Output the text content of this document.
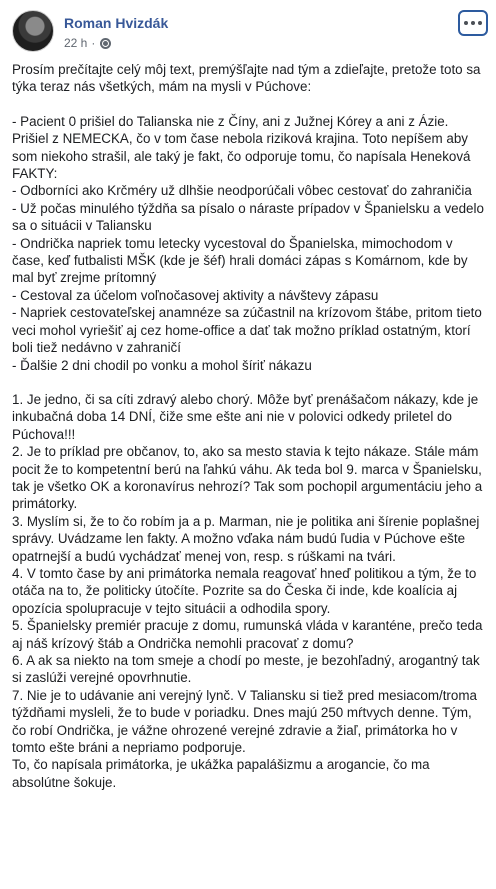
Roman Hvizdák
22 h ·

Prosím prečítajte celý môj text, premýšľajte nad tým a zdieľajte, pretože toto sa týka teraz nás všetkých, mám na mysli v Púchove:

- Pacient 0 prišiel do Talianska nie z Číny, ani z Južnej Kórey a ani z Ázie. Prišiel z NEMECKA, čo v tom čase nebola riziková krajina. Toto nepíšem aby som niekoho strašil, ale taký je fakt, čo odporuje tomu, čo napísala Heneková
FAKTY:
- Odborníci ako Krčméry už dlhšie neodporúčali vôbec cestovať do zahraničia
- Už počas minulého týždňa sa písalo o náraste prípadov v Španielsku a vedelo sa o situácii v Taliansku
- Ondrička napriek tomu letecky vycestoval do Španielska, mimochodom v čase, keď futbalisti MŠK (kde je šéf) hrali domáci zápas s Komárnom, kde by mal byť zrejme prítomný
- Cestoval za účelom voľnočasovej aktivity a návštevy zápasu
- Napriek cestovateľskej anamnéze sa zúčastnil na krízovom štábe, pritom tieto veci mohol vyriešiť aj cez home-office a dať tak možno príklad ostatným, ktorí boli tiež nedávno v zahraničí
- Ďalšie 2 dni chodil po vonku a mohol šíriť nákazu

1. Je jedno, či sa cíti zdravý alebo chorý. Môže byť prenášačom nákazy, kde je inkubačná doba 14 DNÍ, čiže sme ešte ani nie v polovici odkedy priletel do Púchova!!!
2. Je to príklad pre občanov, to, ako sa mesto stavia k tejto nákaze. Stále mám pocit že to kompetentní berú na ľahkú váhu. Ak teda bol 9. marca v Španielsku, tak je všetko OK a koronavírus nehrozí? Tak som pochopil argumentáciu jeho a primátorky.
3. Myslím si, že to čo robím ja a p. Marman, nie je politika ani šírenie poplašnej správy. Uvádzame len fakty. A možno vďaka nám budú ľudia v Púchove ešte opatrnejší a budú vychádzať menej von, resp. s rúškami na tvári.
4. V tomto čase by ani primátorka nemala reagovať hneď politikou a tým, že to otáča na to, že politicky útočíte. Pozrite sa do Česka či inde, kde koalícia aj opozícia spolupracuje v tejto situácii a odhodila spory.
5. Španielsky premiér pracuje z domu, rumunská vláda v karanténe, prečo teda aj náš krízový štáb a Ondrička nemohli pracovať z domu?
6. A ak sa niekto na tom smeje a chodí po meste, je bezohľadný, arogantný tak si zaslúži verejné opovrhnutie.
7. Nie je to udávanie ani verejný lynč. V Taliansku si tiež pred mesiacom/troma týždňami mysleli, že to bude v poriadku. Dnes majú 250 mŕtvych denne. Tým, čo robí Ondrička, je vážne ohrozené verejné zdravie a žiaľ, primátorka ho v tomto ešte bráni a nepriamo podporuje.
To, čo napísala primátorka, je ukážka papalášizmu a arogancie, čo ma absolútne šokuje.
